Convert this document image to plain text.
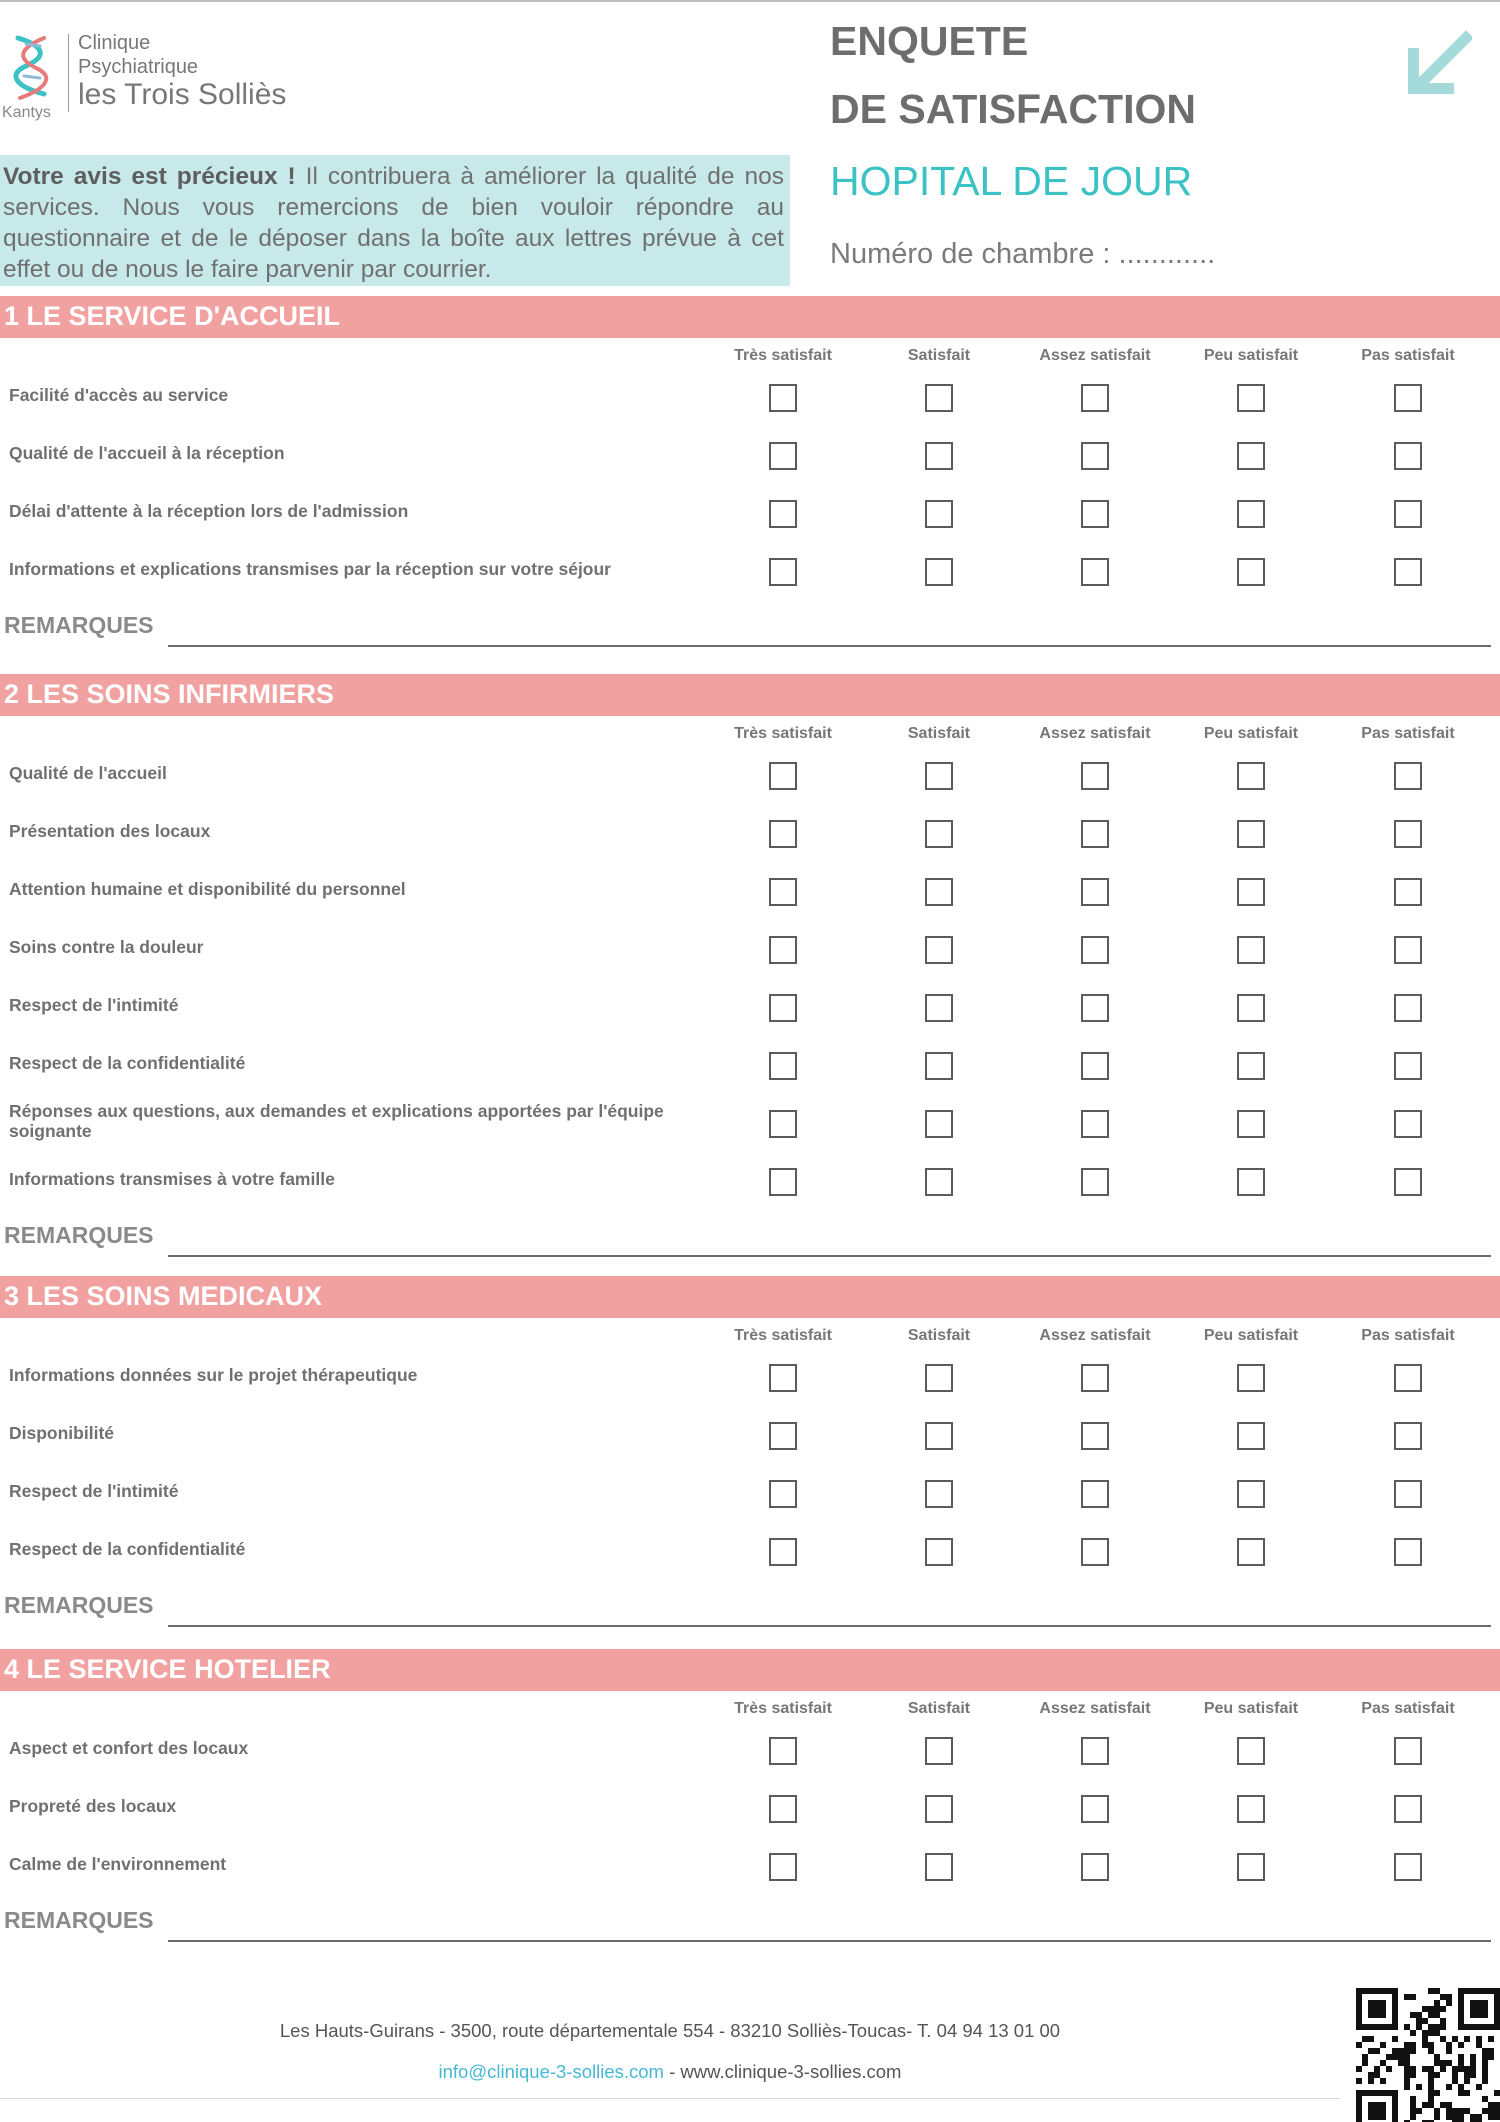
Kantys
Clinique
Psychiatrique
les Trois Solliès
Votre avis est précieux ! Il contribuera à améliorer la qualité de nos services. Nous vous remercions de bien vouloir répondre au questionnaire et de le déposer dans la boîte aux lettres prévue à cet effet ou de nous le faire parvenir par courrier.
ENQUETE
DE SATISFACTION
HOPITAL DE JOUR
Numéro de chambre : ............
1 LE SERVICE D'ACCUEIL
Très satisfait	Satisfait	Assez satisfait	Peu satisfait	Pas satisfait
Facilité d'accès au service
Qualité de l'accueil à la réception
Délai d'attente à la réception lors de l'admission
Informations et explications transmises par la réception sur votre séjour
REMARQUES
2 LES SOINS INFIRMIERS
Très satisfait	Satisfait	Assez satisfait	Peu satisfait	Pas satisfait
Qualité de l'accueil
Présentation des locaux
Attention humaine et disponibilité du personnel
Soins contre la douleur
Respect de l'intimité
Respect de la confidentialité
Réponses aux questions, aux demandes et explications apportées par l'équipe soignante
Informations transmises à votre famille
REMARQUES
3 LES SOINS MEDICAUX
Très satisfait	Satisfait	Assez satisfait	Peu satisfait	Pas satisfait
Informations données sur le projet thérapeutique
Disponibilité
Respect de l'intimité
Respect de la confidentialité
REMARQUES
4 LE SERVICE HOTELIER
Très satisfait	Satisfait	Assez satisfait	Peu satisfait	Pas satisfait
Aspect et confort des locaux
Propreté des locaux
Calme de l'environnement
REMARQUES
Les Hauts-Guirans - 3500, route départementale 554 - 83210 Solliès-Toucas- T. 04 94 13 01 00
info@clinique-3-sollies.com - www.clinique-3-sollies.com
